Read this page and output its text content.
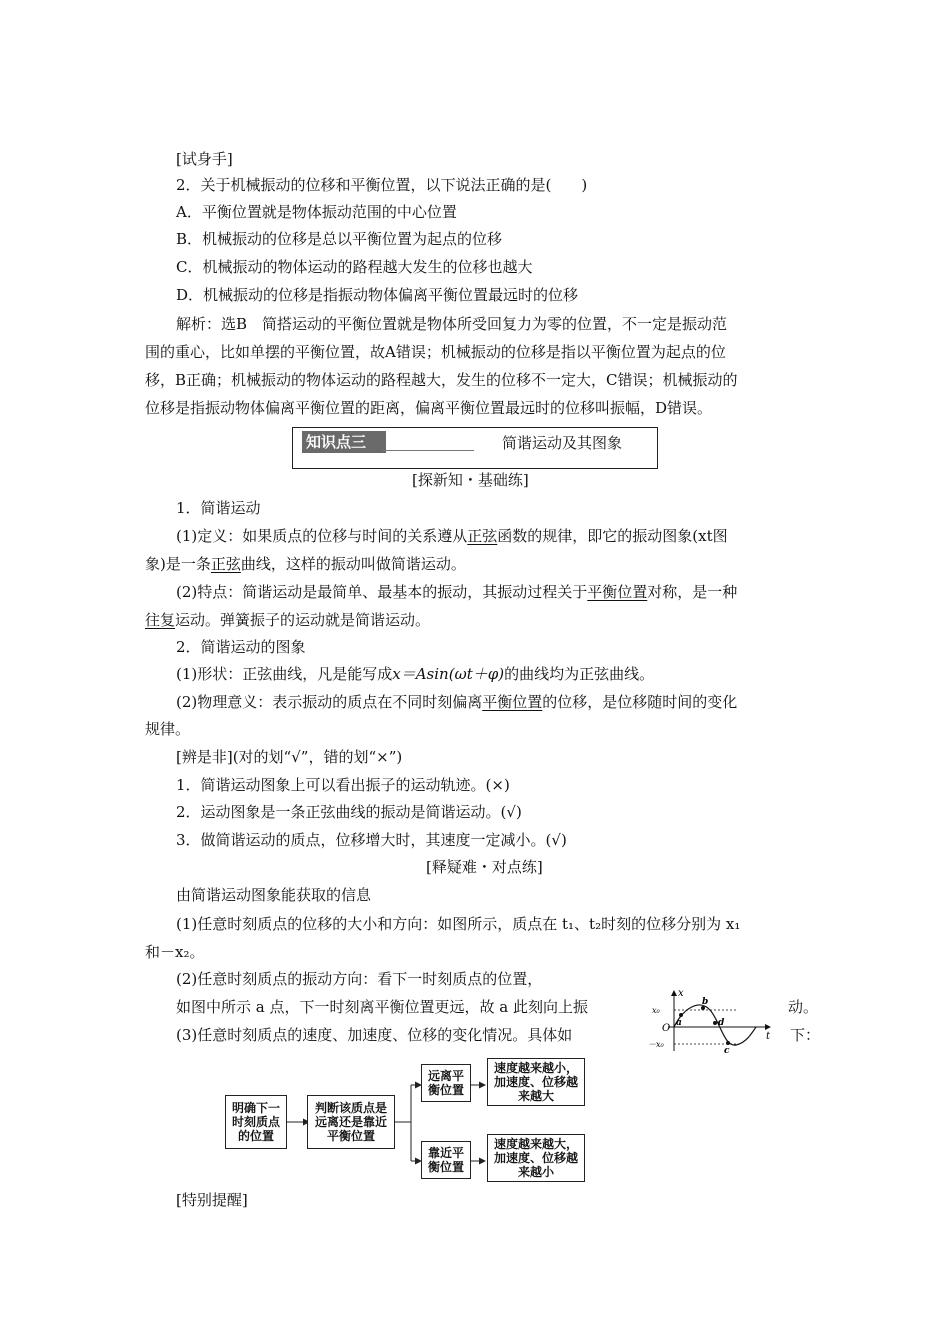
[试身手]
2．关于机械振动的位移和平衡位置，以下说法正确的是(　　)
A．平衡位置就是物体振动范围的中心位置
B．机械振动的位移是总以平衡位置为起点的位移
C．机械振动的物体运动的路程越大发生的位移也越大
D．机械振动的位移是指振动物体偏离平衡位置最远时的位移
解析：选B　简搭运动的平衡位置就是物体所受回复力为零的位置，不一定是振动范
围的重心，比如单摆的平衡位置，故A错误；机械振动的位移是指以平衡位置为起点的位
移，B正确；机械振动的物体运动的路程越大，发生的位移不一定大，C错误；机械振动的
位移是指振动物体偏离平衡位置的距离，偏离平衡位置最远时的位移叫振幅，D错误。
知识点三	简谐运动及其图象
[探新知・基础练]
1．简谐运动
(1)定义：如果质点的位移与时间的关系遵从正弦函数的规律，即它的振动图象(xt图
象)是一条正弦曲线，这样的振动叫做简谐运动。
(2)特点：简谐运动是最简单、最基本的振动，其振动过程关于平衡位置对称，是一种
往复运动。弹簧振子的运动就是简谐运动。
2．简谐运动的图象
(1)形状：正弦曲线，凡是能写成x＝Asin(ωt＋φ)的曲线均为正弦曲线。
(2)物理意义：表示振动的质点在不同时刻偏离平衡位置的位移，是位移随时间的变化
规律。
[辨是非](对的划“√”，错的划“×”)
1．简谐运动图象上可以看出振子的运动轨迹。(×)
2．运动图象是一条正弦曲线的振动是简谐运动。(√)
3．做简谐运动的质点，位移增大时，其速度一定减小。(√)
[释疑难・对点练]
由简谐运动图象能获取的信息
(1)任意时刻质点的位移的大小和方向：如图所示，质点在 t₁、t₂时刻的位移分别为 x₁
和－x₂。
(2)任意时刻质点的振动方向：看下一时刻质点的位置，
如图中所示 a 点，下一时刻离平衡位置更远，故 a 此刻向上振	动。
(3)任意时刻质点的速度、加速度、位移的变化情况。具体如	下：
x
t
O
x₀
－x₀
a
b
d
c
明确下一时刻质点的位置
判断该质点是远离还是靠近平衡位置
远离平衡位置
速度越来越小，加速度、位移越来越大
靠近平衡位置
速度越来越大，加速度、位移越来越小
[特别提醒]
